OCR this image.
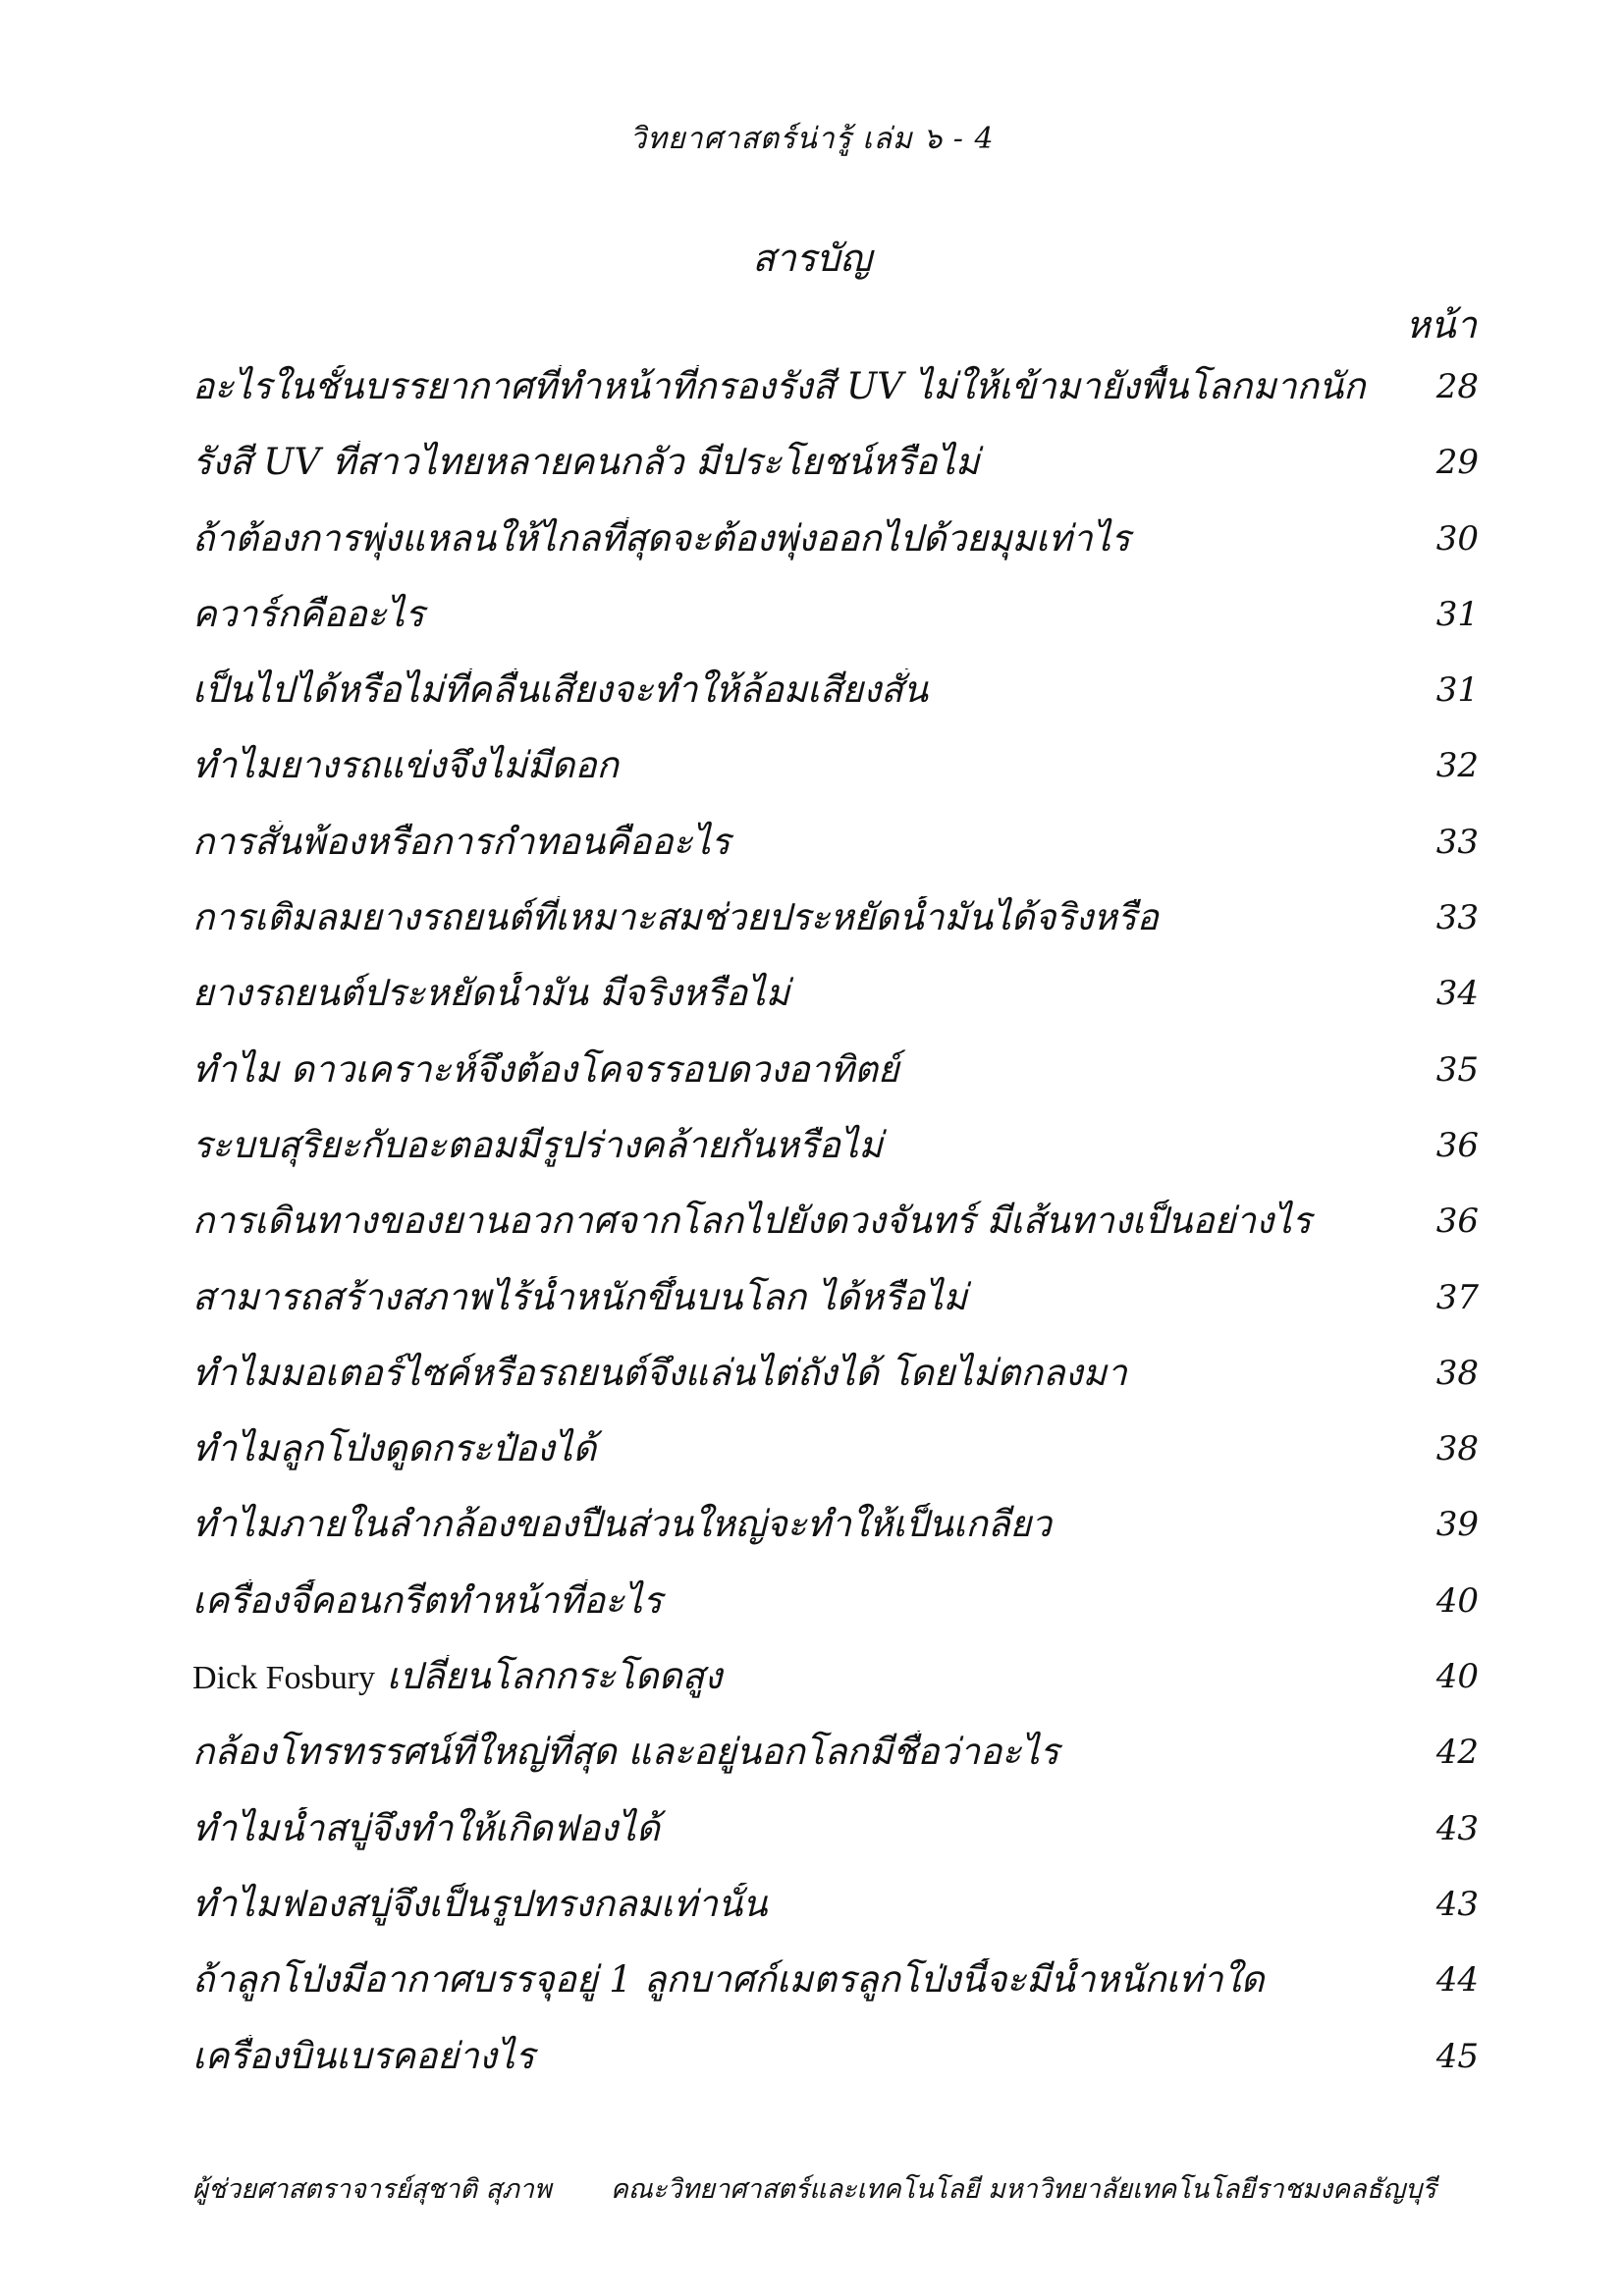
วิทยาศาสตร์น่ารู้ เล่ม ๖ - 4
สารบัญ
หน้า
อะไรในชั้นบรรยากาศที่ทำหน้าที่กรองรังสี UV ไม่ให้เข้ามายังพื้นโลกมากนัก	28
รังสี UV ที่สาวไทยหลายคนกลัว มีประโยชน์หรือไม่	29
ถ้าต้องการพุ่งแหลนให้ไกลที่สุดจะต้องพุ่งออกไปด้วยมุมเท่าไร	30
ควาร์กคืออะไร	31
เป็นไปได้หรือไม่ที่คลื่นเสียงจะทำให้ล้อมเสียงสั่น	31
ทำไมยางรถแข่งจึงไม่มีดอก	32
การสั่นพ้องหรือการกำทอนคืออะไร	33
การเติมลมยางรถยนต์ที่เหมาะสมช่วยประหยัดน้ำมันได้จริงหรือ	33
ยางรถยนต์ประหยัดน้ำมัน มีจริงหรือไม่	34
ทำไม ดาวเคราะห์จึงต้องโคจรรอบดวงอาทิตย์	35
ระบบสุริยะกับอะตอมมีรูปร่างคล้ายกันหรือไม่	36
การเดินทางของยานอวกาศจากโลกไปยังดวงจันทร์ มีเส้นทางเป็นอย่างไร	36
สามารถสร้างสภาพไร้น้ำหนักขึ้นบนโลก ได้หรือไม่	37
ทำไมมอเตอร์ไซค์หรือรถยนต์จึงแล่นไต่ถังได้ โดยไม่ตกลงมา	38
ทำไมลูกโป่งดูดกระป๋องได้	38
ทำไมภายในลำกล้องของปืนส่วนใหญ่จะทำให้เป็นเกลียว	39
เครื่องจี้คอนกรีตทำหน้าที่อะไร	40
Dick Fosbury เปลี่ยนโลกกระโดดสูง	40
กล้องโทรทรรศน์ที่ใหญ่ที่สุด และอยู่นอกโลกมีชื่อว่าอะไร	42
ทำไมน้ำสบู่จึงทำให้เกิดฟองได้	43
ทำไมฟองสบู่จึงเป็นรูปทรงกลมเท่านั้น	43
ถ้าลูกโป่งมีอากาศบรรจุอยู่ 1 ลูกบาศก์เมตรลูกโป่งนี้จะมีน้ำหนักเท่าใด	44
เครื่องบินเบรคอย่างไร	45
ผู้ช่วยศาสตราจารย์สุชาติ สุภาพ คณะวิทยาศาสตร์และเทคโนโลยี มหาวิทยาลัยเทคโนโลยีราชมงคลธัญบุรี
